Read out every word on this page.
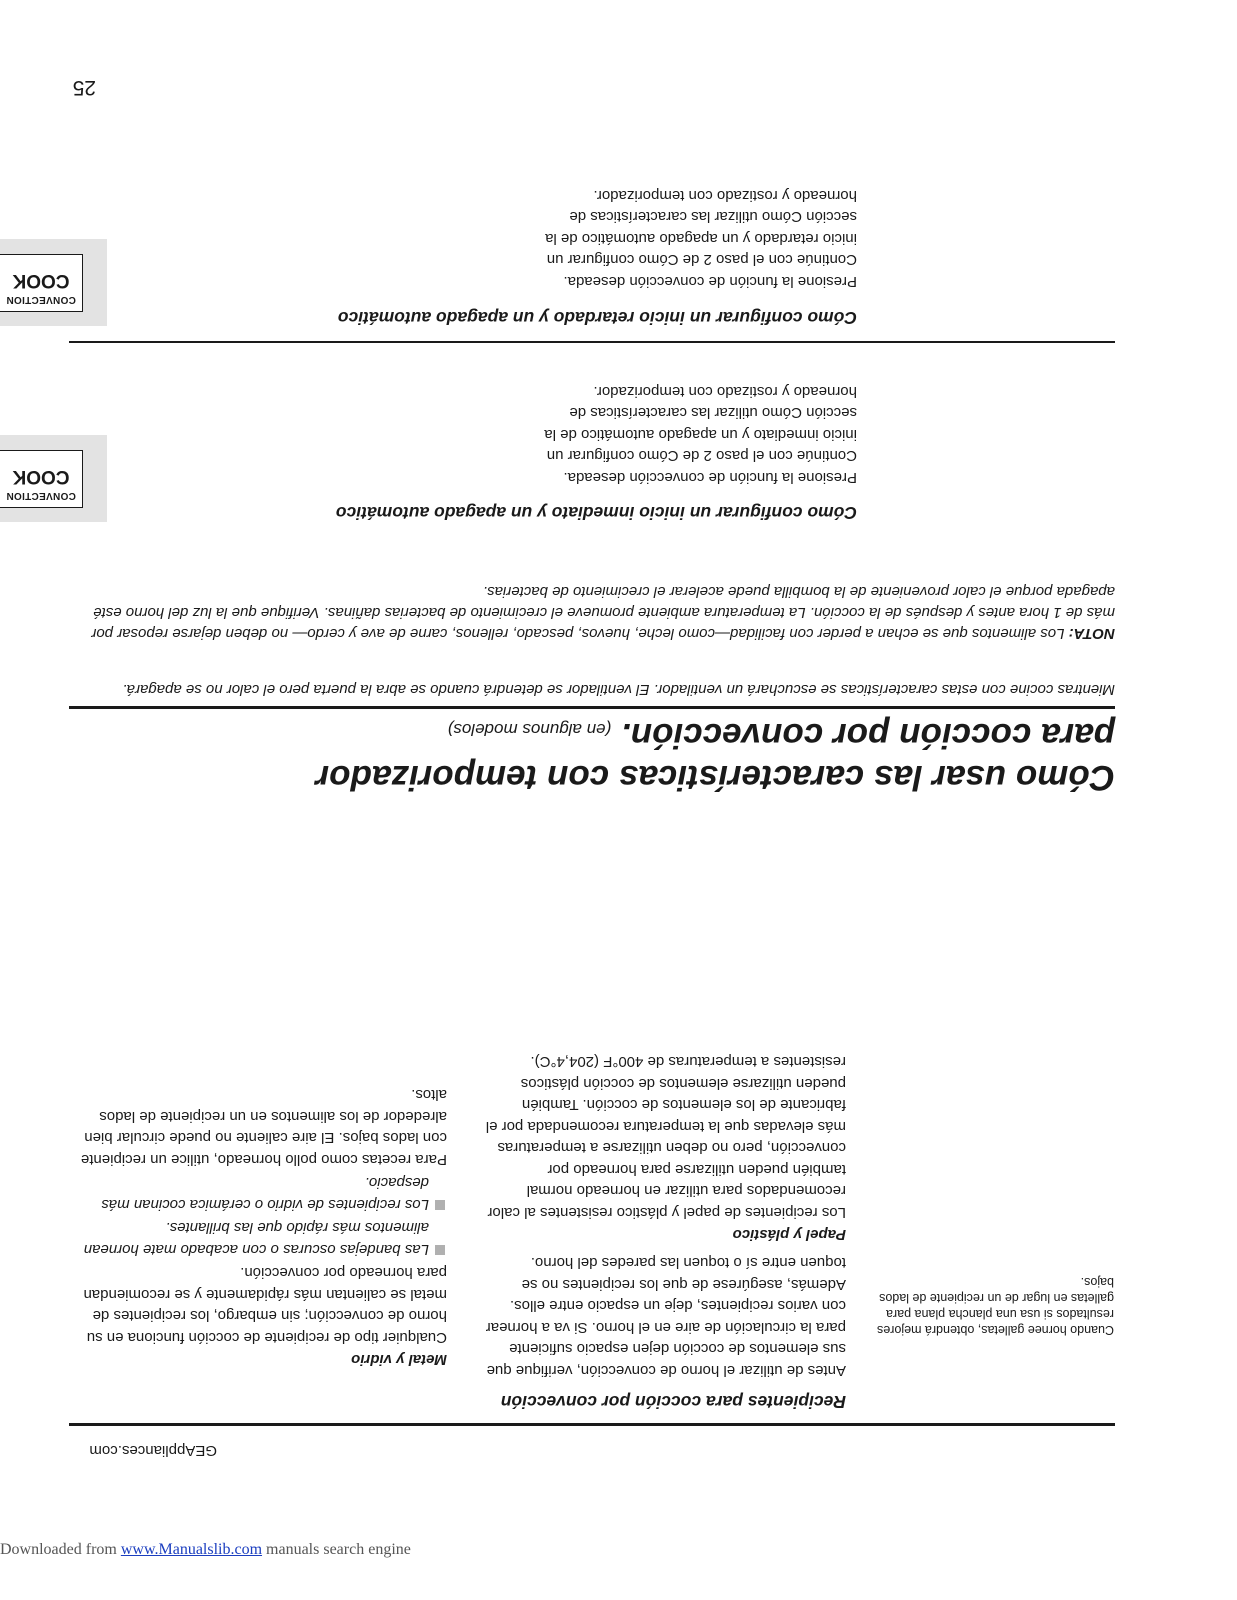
GEAppliances.com
Cuando hornee galletas, obtendrá mejores resultados si usa una plancha plana para galletas en lugar de un recipiente de lados bajos.
Recipientes para cocción por convección
Antes de utilizar el horno de convección, verifique que sus elementos de cocción dejen espacio suficiente para la circulación de aire en el horno. Si va a hornear con varios recipientes, deje un espacio entre ellos. Además, asegúrese de que los recipientes no se toquen entre sí o toquen las paredes del horno.
Papel y plástico
Los recipientes de papel y plástico resistentes al calor recomendados para utilizar en horneado normal también pueden utilizarse para horneado por convección, pero no deben utilizarse a temperaturas más elevadas que la temperatura recomendada por el fabricante de los elementos de cocción. También pueden utilizarse elementos de cocción plásticos resistentes a temperaturas de 400°F (204,4°C).
Metal y vidrio
Cualquier tipo de recipiente de cocción funciona en su horno de convección; sin embargo, los recipientes de metal se calientan más rápidamente y se recomiendan para horneado por convección.
Las bandejas oscuras o con acabado mate hornean alimentos más rápido que las brillantes.
Los recipientes de vidrio o cerámica cocinan más despacio.
Para recetas como pollo horneado, utilice un recipiente con lados bajos. El aire caliente no puede circular bien alrededor de los alimentos en un recipiente de lados altos.
Cómo usar las características con temporizador
para cocción por convección. (en algunos modelos)
Mientras cocine con estas características se escuchará un ventilador. El ventilador se detendrá cuando se abra la puerta pero el calor no se apagará.
NOTA: Los alimentos que se echan a perder con facilidad—como leche, huevos, pescado, rellenos, carne de ave y cerdo— no deben dejarse reposar por más de 1 hora antes y después de la cocción. La temperatura ambiente promueve el crecimiento de bacterias dañinas. Verifique que la luz del horno esté apagada porque el calor proveniente de la bombilla puede acelerar el crecimiento de bacterias.
Cómo configurar un inicio inmediato y un apagado automático
CONVECTION
COOK	Presione la función de convección deseada.
Continúe con el paso 2 de Cómo configurar un inicio inmediato y un apagado automático de la sección Cómo utilizar las características de horneado y rostizado con temporizador.
Cómo configurar un inicio retardado y un apagado automático
CONVECTION
COOK	Presione la función de convección deseada.
Continúe con el paso 2 de Cómo configurar un inicio retardado y un apagado automático de la sección Cómo utilizar las características de horneado y rostizado con temporizador.
25
Downloaded from www.Manualslib.com manuals search engine
